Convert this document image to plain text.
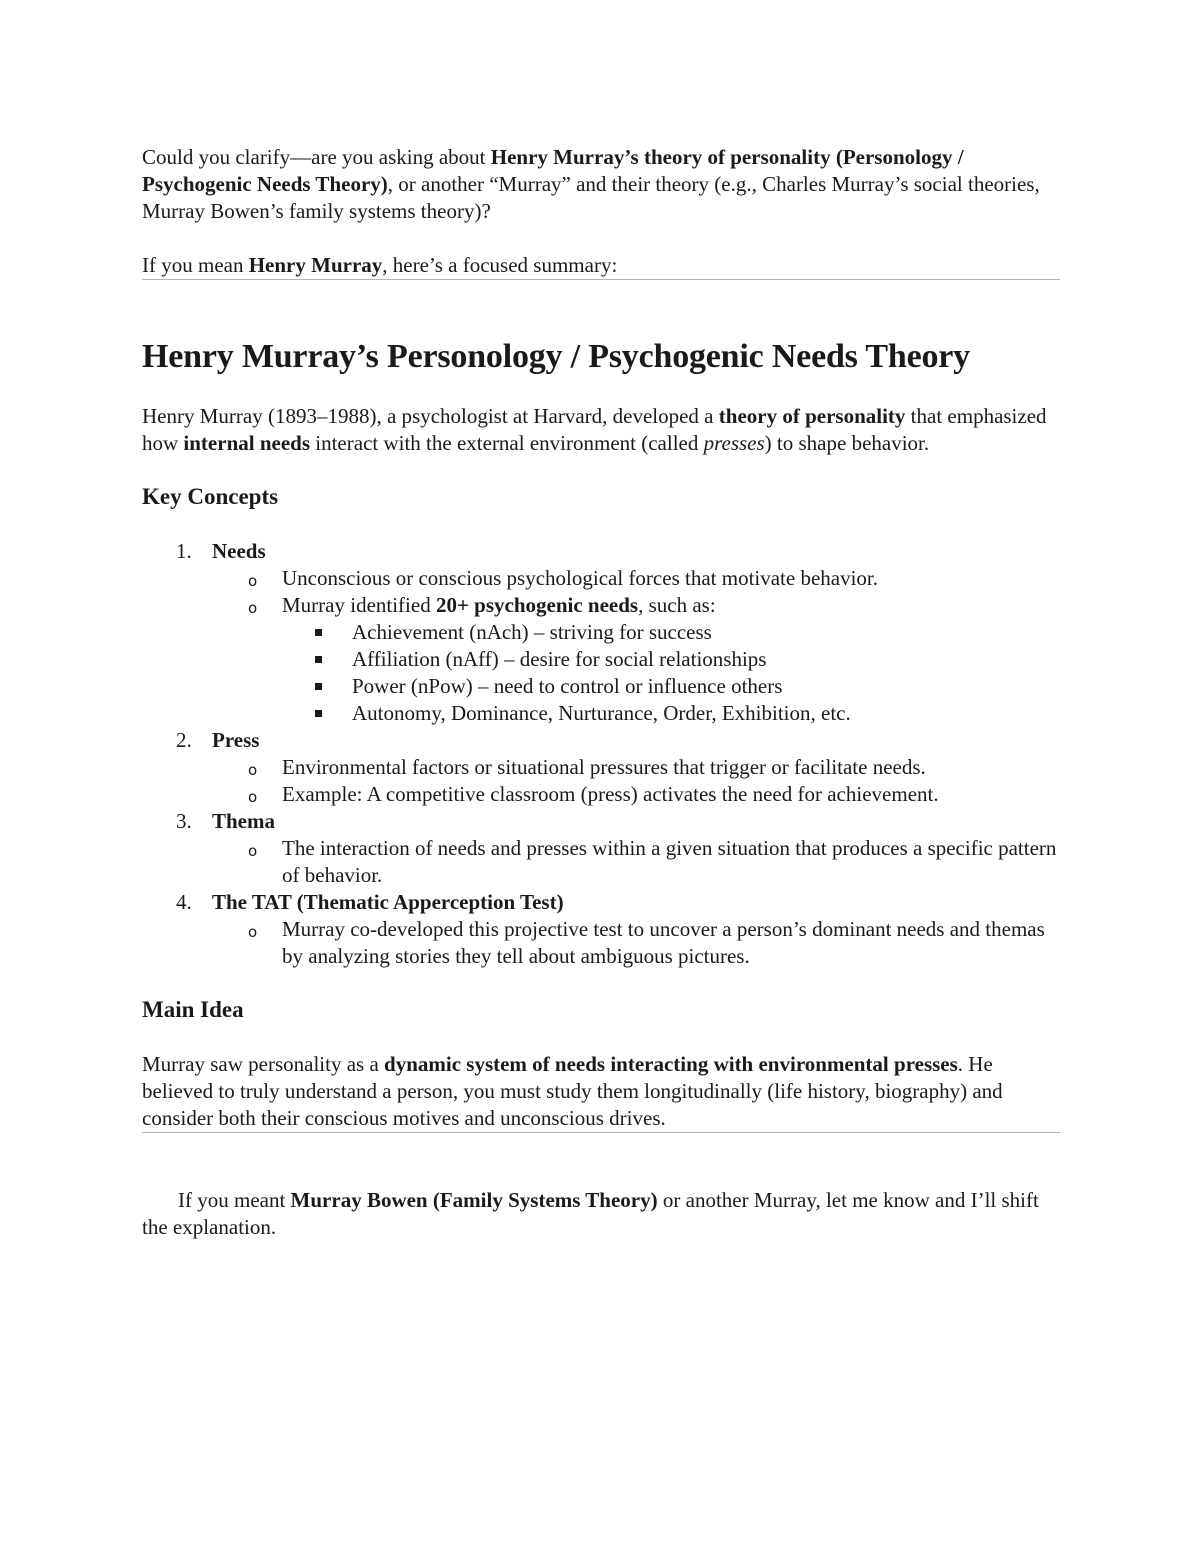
Could you clarify—are you asking about Henry Murray’s theory of personality (Personology / Psychogenic Needs Theory), or another “Murray” and their theory (e.g., Charles Murray’s social theories, Murray Bowen’s family systems theory)?

If you mean Henry Murray, here’s a focused summary:

Henry Murray’s Personology / Psychogenic Needs Theory

Henry Murray (1893–1988), a psychologist at Harvard, developed a theory of personality that emphasized how internal needs interact with the external environment (called presses) to shape behavior.

Key Concepts
1. Needs
o Unconscious or conscious psychological forces that motivate behavior.
o Murray identified 20+ psychogenic needs, such as:
Achievement (nAch) – striving for success
Affiliation (nAff) – desire for social relationships
Power (nPow) – need to control or influence others
Autonomy, Dominance, Nurturance, Order, Exhibition, etc.
2. Press
o Environmental factors or situational pressures that trigger or facilitate needs.
o Example: A competitive classroom (press) activates the need for achievement.
3. Thema
o The interaction of needs and presses within a given situation that produces a specific pattern of behavior.
4. The TAT (Thematic Apperception Test)
o Murray co-developed this projective test to uncover a person’s dominant needs and themas by analyzing stories they tell about ambiguous pictures.
Main Idea

Murray saw personality as a dynamic system of needs interacting with environmental presses. He believed to truly understand a person, you must study them longitudinally (life history, biography) and consider both their conscious motives and unconscious drives.

If you meant Murray Bowen (Family Systems Theory) or another Murray, let me know and I’ll shift the explanation.
